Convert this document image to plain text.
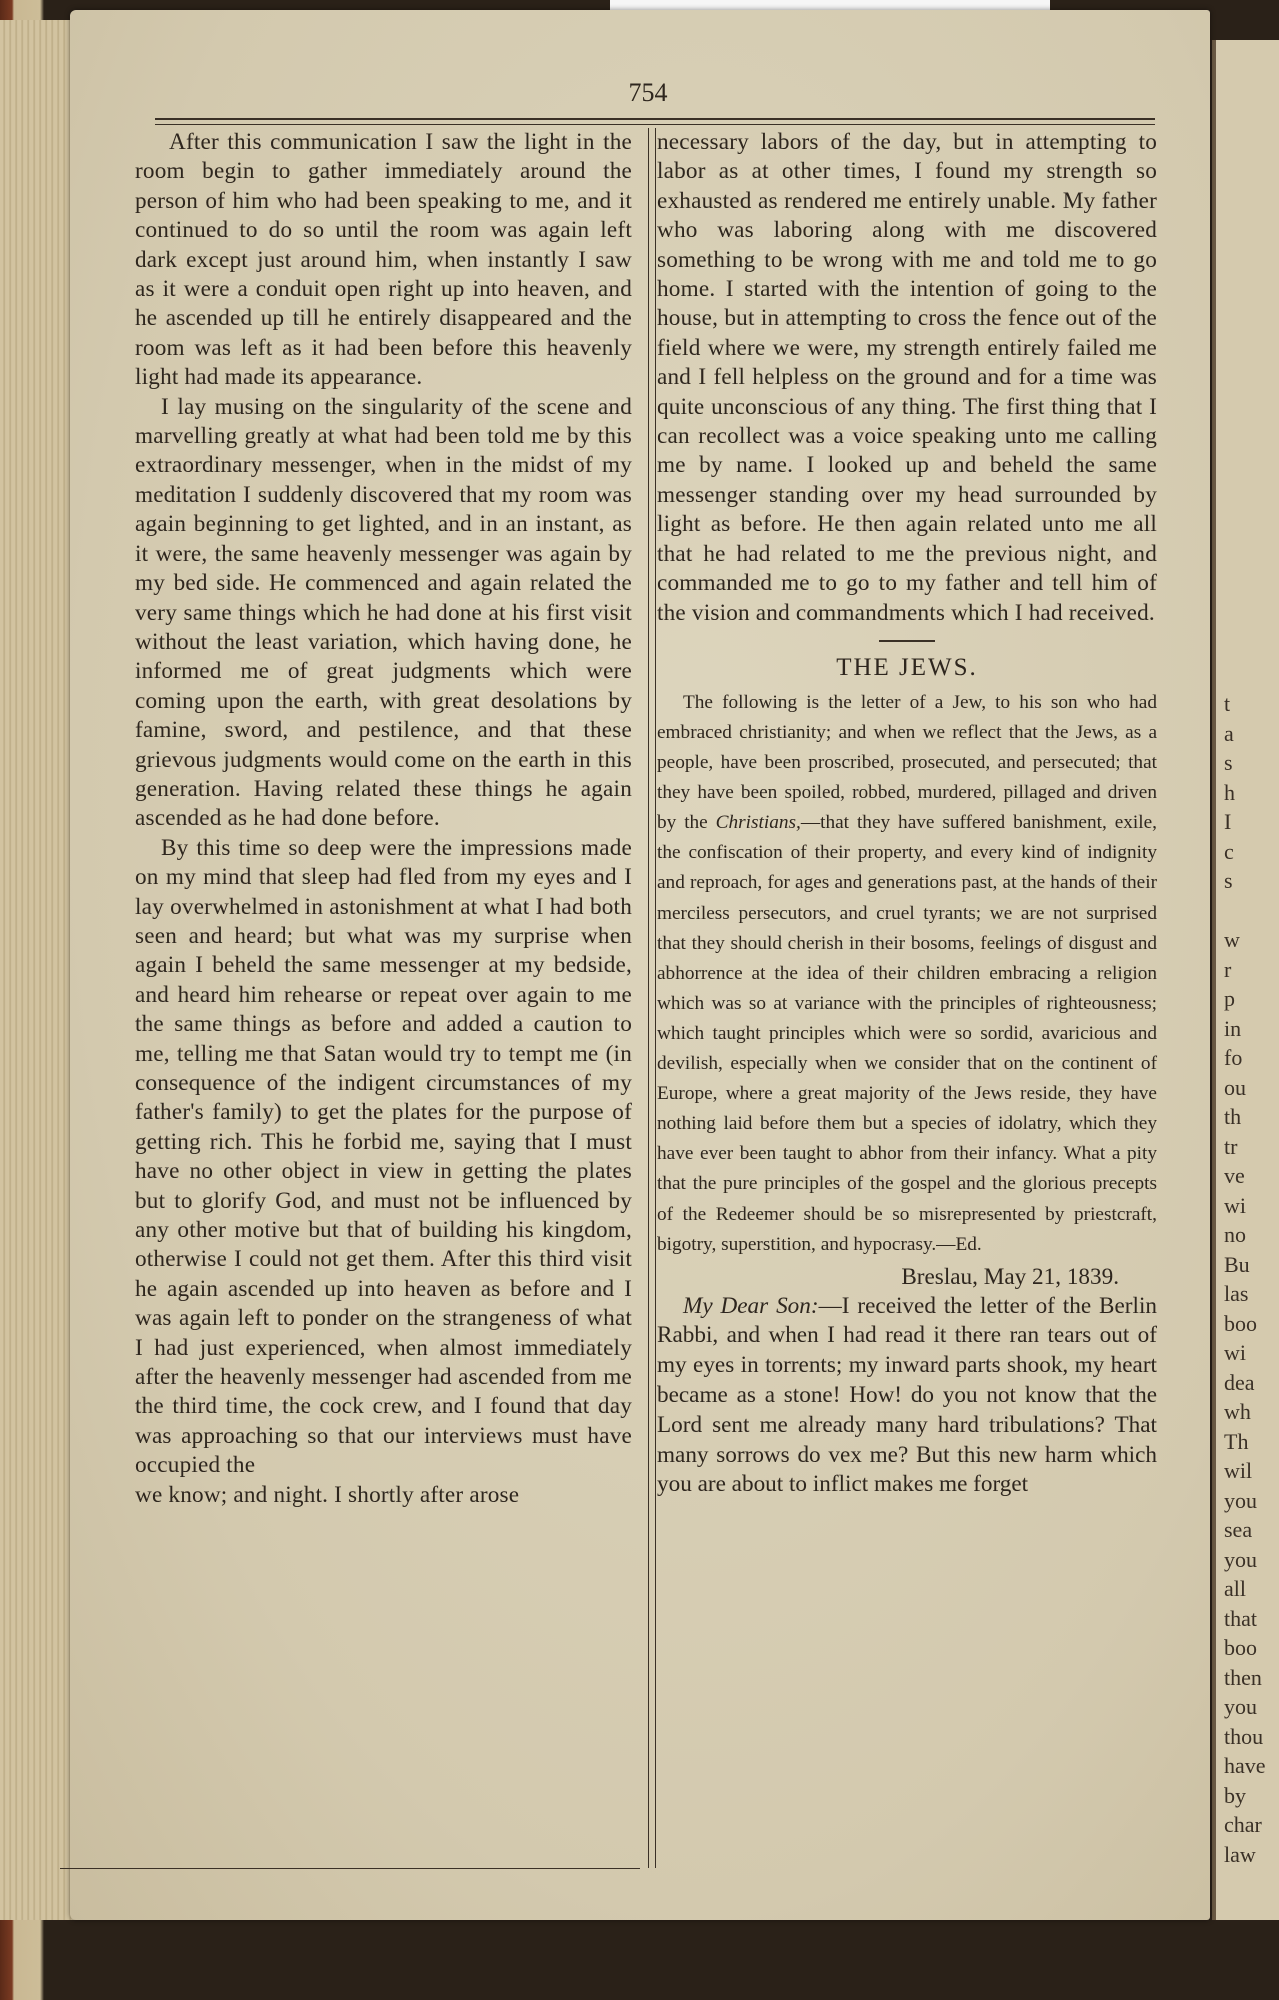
t
a
s
h
I
c
s

w
r
p
in
fo
ou
th
tr
ve
wi
no
Bu
las
boo
wi
dea
wh
Th
wil
you
sea
you
all
that
boo
then
you
thou
have
by
char
law
754

After this communication I saw the light in the room begin to gather immediately around the person of him who had been speaking to me, and it continued to do so until the room was again left dark except just around him, when instantly I saw as it were a conduit open right up into heaven, and he ascended up till he entirely disappeared and the room was left as it had been before this heavenly light had made its appearance.

I lay musing on the singularity of the scene and marvelling greatly at what had been told me by this extraordinary messenger, when in the midst of my meditation I suddenly discovered that my room was again beginning to get lighted, and in an instant, as it were, the same heavenly messenger was again by my bed side. He commenced and again related the very same things which he had done at his first visit without the least variation, which having done, he informed me of great judgments which were coming upon the earth, with great desolations by famine, sword, and pestilence, and that these grievous judgments would come on the earth in this generation. Having related these things he again ascended as he had done before.

By this time so deep were the impressions made on my mind that sleep had fled from my eyes and I lay overwhelmed in astonishment at what I had both seen and heard; but what was my surprise when again I beheld the same messenger at my bedside, and heard him rehearse or repeat over again to me the same things as before and added a caution to me, telling me that Satan would try to tempt me (in consequence of the indigent circumstances of my father's family) to get the plates for the purpose of getting rich. This he forbid me, saying that I must have no other object in view in getting the plates but to glorify God, and must not be influenced by any other motive but that of building his kingdom, otherwise I could not get them. After this third visit he again ascended up into heaven as before and I was again left to ponder on the strangeness of what I had just experienced, when almost immediately after the heavenly messenger had ascended from me the third time, the cock crew, and I found that day was approaching so that our interviews must have occupied the

we know; and night. I shortly after arose

necessary labors of the day, but in attempting to labor as at other times, I found my strength so exhausted as rendered me entirely unable. My father who was laboring along with me discovered something to be wrong with me and told me to go home. I started with the intention of going to the house, but in attempting to cross the fence out of the field where we were, my strength entirely failed me and I fell helpless on the ground and for a time was quite unconscious of any thing. The first thing that I can recollect was a voice speaking unto me calling me by name. I looked up and beheld the same messenger standing over my head surrounded by light as before. He then again related unto me all that he had related to me the previous night, and commanded me to go to my father and tell him of the vision and commandments which I had received.

THE JEWS.

The following is the letter of a Jew, to his son who had embraced christianity; and when we reflect that the Jews, as a people, have been proscribed, prosecuted, and persecuted; that they have been spoiled, robbed, murdered, pillaged and driven by the Christians,—that they have suffered banishment, exile, the confiscation of their property, and every kind of indignity and reproach, for ages and generations past, at the hands of their merciless persecutors, and cruel tyrants; we are not surprised that they should cherish in their bosoms, feelings of disgust and abhorrence at the idea of their children embracing a religion which was so at variance with the principles of righteousness; which taught principles which were so sordid, avaricious and devilish, especially when we consider that on the continent of Europe, where a great majority of the Jews reside, they have nothing laid before them but a species of idolatry, which they have ever been taught to abhor from their infancy. What a pity that the pure principles of the gospel and the glorious precepts of the Redeemer should be so misrepresented by priestcraft, bigotry, superstition, and hypocrasy.—Ed.

Breslau, May 21, 1839.

My Dear Son:—I received the letter of the Berlin Rabbi, and when I had read it there ran tears out of my eyes in torrents; my inward parts shook, my heart became as a stone! How! do you not know that the Lord sent me already many hard tribulations? That many sorrows do vex me? But this new harm which you are about to inflict makes me forget
